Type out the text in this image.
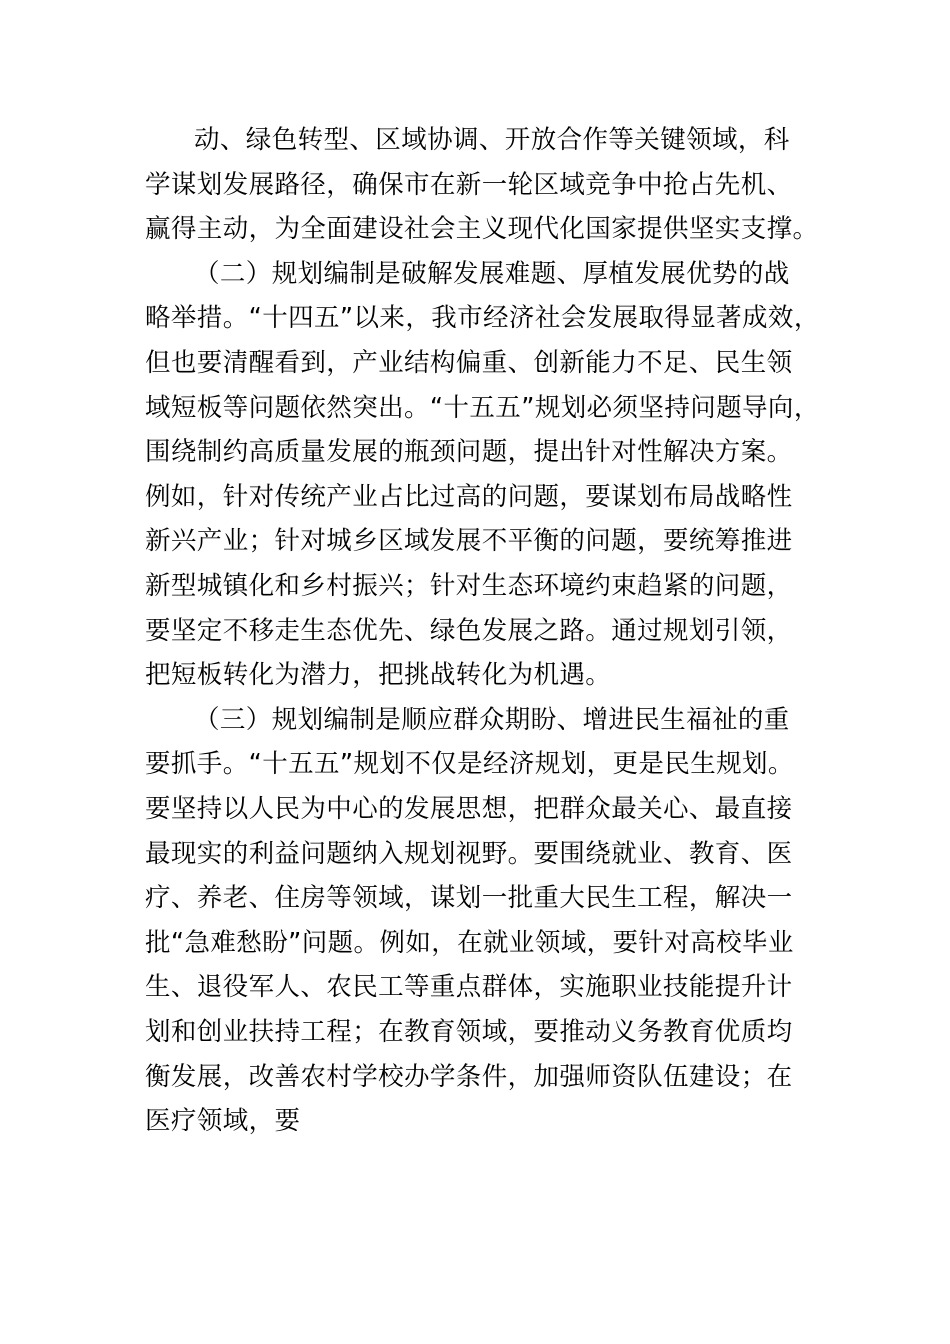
动、绿色转型、区域协调、开放合作等关键领域，科
学谋划发展路径，确保市在新一轮区域竞争中抢占先机、
赢得主动，为全面建设社会主义现代化国家提供坚实支撑。
（二）规划编制是破解发展难题、厚植发展优势的战
略举措。“十四五”以来，我市经济社会发展取得显著成效，
但也要清醒看到，产业结构偏重、创新能力不足、民生领
域短板等问题依然突出。“十五五”规划必须坚持问题导向，
围绕制约高质量发展的瓶颈问题，提出针对性解决方案。
例如，针对传统产业占比过高的问题，要谋划布局战略性
新兴产业；针对城乡区域发展不平衡的问题，要统筹推进
新型城镇化和乡村振兴；针对生态环境约束趋紧的问题，
要坚定不移走生态优先、绿色发展之路。通过规划引领，
把短板转化为潜力，把挑战转化为机遇。
（三）规划编制是顺应群众期盼、增进民生福祉的重
要抓手。“十五五”规划不仅是经济规划，更是民生规划。
要坚持以人民为中心的发展思想，把群众最关心、最直接
最现实的利益问题纳入规划视野。要围绕就业、教育、医
疗、养老、住房等领域，谋划一批重大民生工程，解决一
批“急难愁盼”问题。例如，在就业领域，要针对高校毕业
生、退役军人、农民工等重点群体，实施职业技能提升计
划和创业扶持工程；在教育领域，要推动义务教育优质均
衡发展，改善农村学校办学条件，加强师资队伍建设；在
医疗领域，要
